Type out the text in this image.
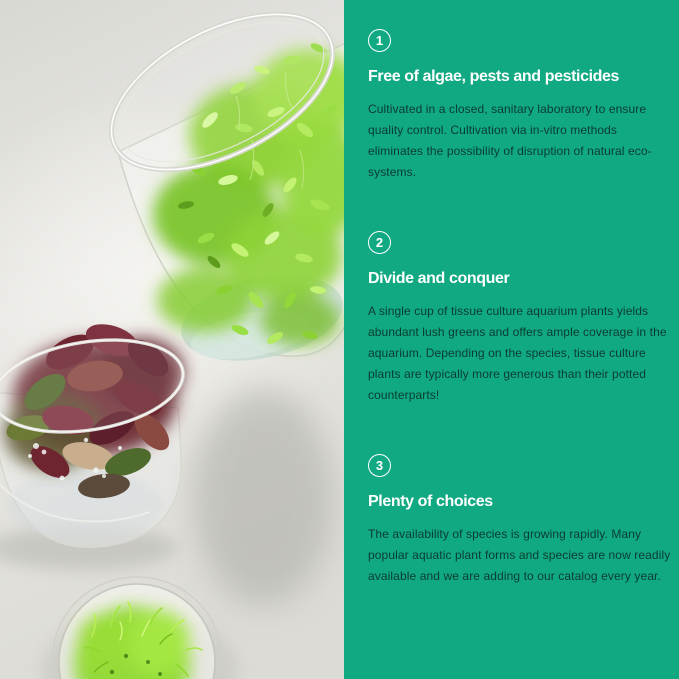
1
Free of algae, pests and pesticides

Cultivated in a closed, sanitary laboratory to ensure quality control. Cultivation via in-vitro methods eliminates the possibility of disruption of natural eco-systems.

2
Divide and conquer

A single cup of tissue culture aquarium plants yields abundant lush greens and offers ample coverage in the aquarium. Depending on the species, tissue culture plants are typically more generous than their potted counterparts!

3
Plenty of choices

The availability of species is growing rapidly. Many popular aquatic plant forms and species are now readily available and we are adding to our catalog every year.
